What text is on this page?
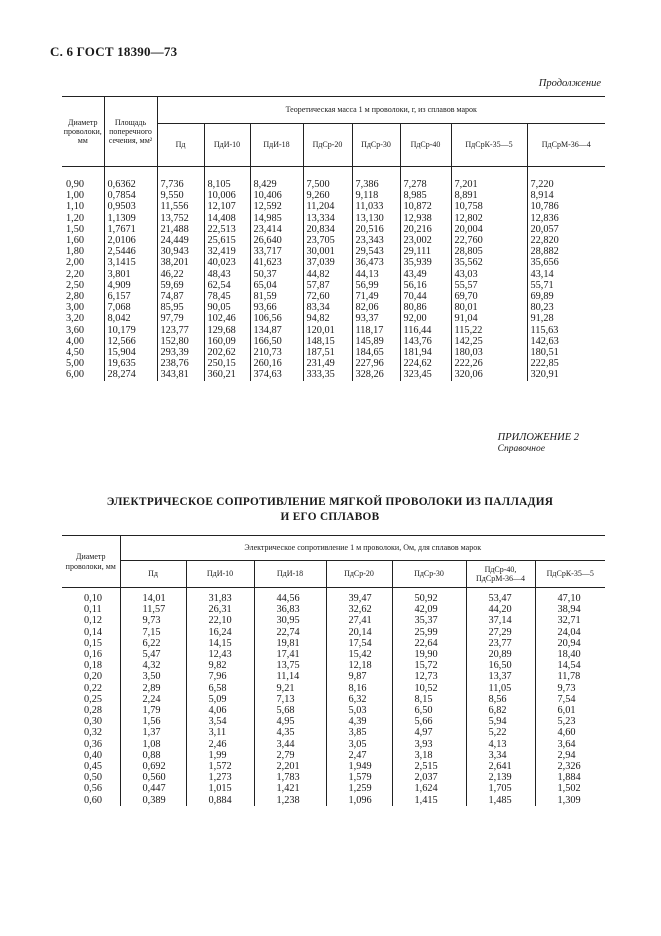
С. 6 ГОСТ 18390—73
Продолжение
Диаметр проволоки, мм	Площадь поперечного сечения, мм²	Теоретическая масса 1 м проволоки, г, из сплавов марок							
		Пд	ПдИ-10	ПдИ-18	ПдСр-20	ПдСр-30	ПдСр-40	ПдСрК-35—5	ПдСрМ-36—4
0,90	0,6362	7,736	8,105	8,429	7,500	7,386	7,278	7,201	7,220
1,00	0,7854	9,550	10,006	10,406	9,260	9,118	8,985	8,891	8,914
1,10	0,9503	11,556	12,107	12,592	11,204	11,033	10,872	10,758	10,786
1,20	1,1309	13,752	14,408	14,985	13,334	13,130	12,938	12,802	12,836
1,50	1,7671	21,488	22,513	23,414	20,834	20,516	20,216	20,004	20,057
1,60	2,0106	24,449	25,615	26,640	23,705	23,343	23,002	22,760	22,820
1,80	2,5446	30,943	32,419	33,717	30,001	29,543	29,111	28,805	28,882
2,00	3,1415	38,201	40,023	41,623	37,039	36,473	35,939	35,562	35,656
2,20	3,801	46,22	48,43	50,37	44,82	44,13	43,49	43,03	43,14
2,50	4,909	59,69	62,54	65,04	57,87	56,99	56,16	55,57	55,71
2,80	6,157	74,87	78,45	81,59	72,60	71,49	70,44	69,70	69,89
3,00	7,068	85,95	90,05	93,66	83,34	82,06	80,86	80,01	80,23
3,20	8,042	97,79	102,46	106,56	94,82	93,37	92,00	91,04	91,28
3,60	10,179	123,77	129,68	134,87	120,01	118,17	116,44	115,22	115,63
4,00	12,566	152,80	160,09	166,50	148,15	145,89	143,76	142,25	142,63
4,50	15,904	293,39	202,62	210,73	187,51	184,65	181,94	180,03	180,51
5,00	19,635	238,76	250,15	260,16	231,49	227,96	224,62	222,26	222,85
6,00	28,274	343,81	360,21	374,63	333,35	328,26	323,45	320,06	320,91
ПРИЛОЖЕНИЕ 2
Справочное
ЭЛЕКТРИЧЕСКОЕ СОПРОТИВЛЕНИЕ МЯГКОЙ ПРОВОЛОКИ ИЗ ПАЛЛАДИЯ
И ЕГО СПЛАВОВ
Диаметр проволоки, мм	Электрическое сопротивление 1 м проволоки, Ом, для сплавов марок						
	Пд	ПдИ-10	ПдИ-18	ПдСр-20	ПдСр-30	ПдСр-40, ПдСрМ-36—4	ПдСрК-35—5
0,10	14,01	31,83	44,56	39,47	50,92	53,47	47,10
0,11	11,57	26,31	36,83	32,62	42,09	44,20	38,94
0,12	9,73	22,10	30,95	27,41	35,37	37,14	32,71
0,14	7,15	16,24	22,74	20,14	25,99	27,29	24,04
0,15	6,22	14,15	19,81	17,54	22,64	23,77	20,94
0,16	5,47	12,43	17,41	15,42	19,90	20,89	18,40
0,18	4,32	9,82	13,75	12,18	15,72	16,50	14,54
0,20	3,50	7,96	11,14	9,87	12,73	13,37	11,78
0,22	2,89	6,58	9,21	8,16	10,52	11,05	9,73
0,25	2,24	5,09	7,13	6,32	8,15	8,56	7,54
0,28	1,79	4,06	5,68	5,03	6,50	6,82	6,01
0,30	1,56	3,54	4,95	4,39	5,66	5,94	5,23
0,32	1,37	3,11	4,35	3,85	4,97	5,22	4,60
0,36	1,08	2,46	3,44	3,05	3,93	4,13	3,64
0,40	0,88	1,99	2,79	2,47	3,18	3,34	2,94
0,45	0,692	1,572	2,201	1,949	2,515	2,641	2,326
0,50	0,560	1,273	1,783	1,579	2,037	2,139	1,884
0,56	0,447	1,015	1,421	1,259	1,624	1,705	1,502
0,60	0,389	0,884	1,238	1,096	1,415	1,485	1,309
